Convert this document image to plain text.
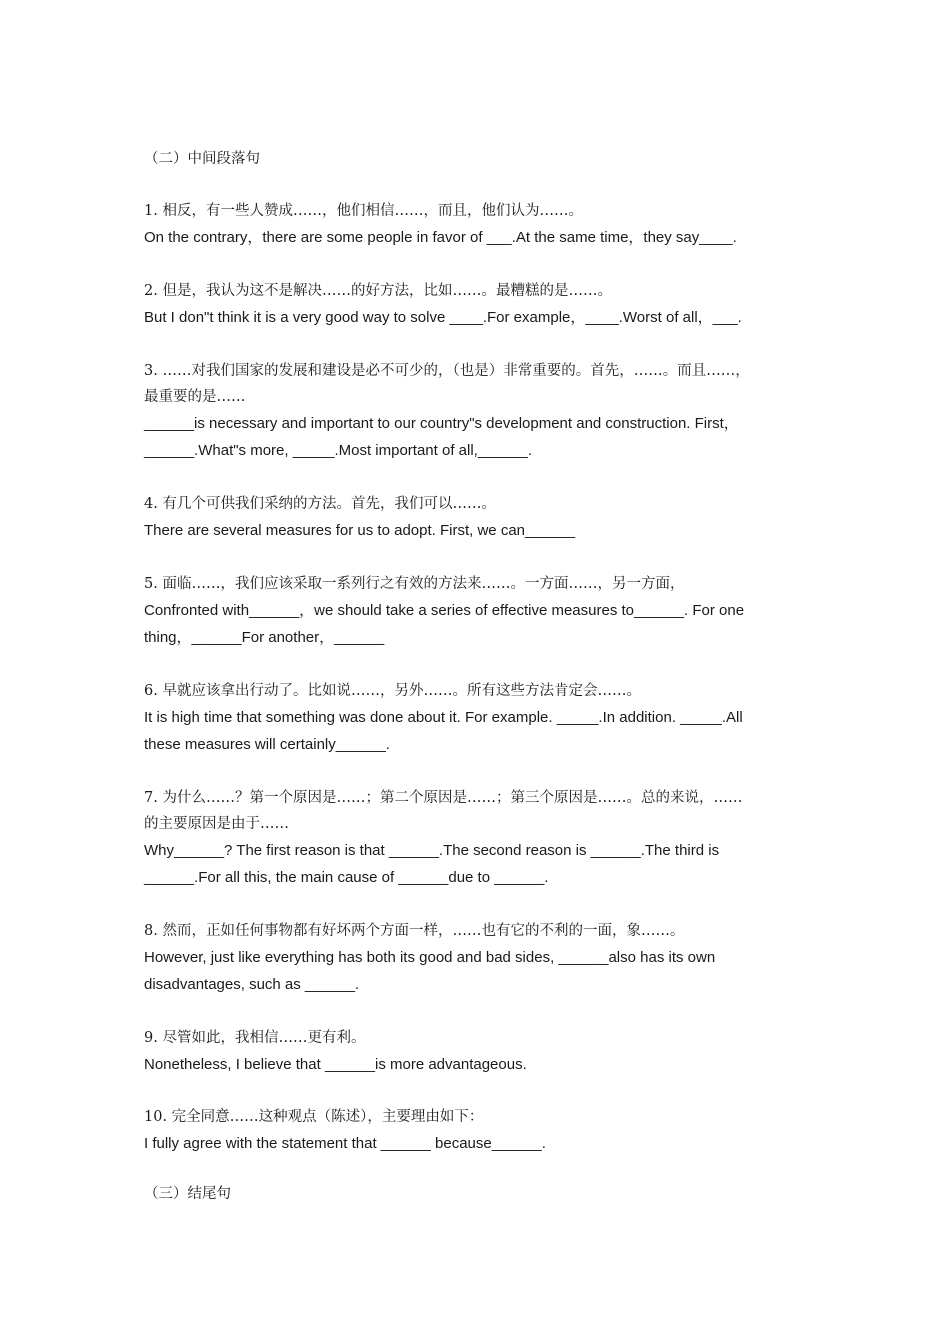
（二）中间段落句
1. 相反，有一些人赞成……，他们相信……，而且，他们认为……。
On the contrary，there are some people in favor of ___.At the same time，they say____.
2. 但是，我认为这不是解决……的好方法，比如……。最糟糕的是……。
But I don"t think it is a very good way to solve ____.For example，____.Worst of all，___.
3. ……对我们国家的发展和建设是必不可少的，（也是）非常重要的。首先，……。而且……，
最重要的是……
______is necessary and important to our country"s development and construction. First，
______.What"s more, _____.Most important of all,______.
4. 有几个可供我们采纳的方法。首先，我们可以……。
There are several measures for us to adopt. First, we can______
5. 面临……，我们应该采取一系列行之有效的方法来……。一方面……，另一方面，
Confronted with______，we should take a series of effective measures to______. For one
thing，______For another，______
6. 早就应该拿出行动了。比如说……，另外……。所有这些方法肯定会……。
It is high time that something was done about it. For example. _____.In addition. _____.All
these measures will certainly______.
7. 为什么……？第一个原因是……；第二个原因是……；第三个原因是……。总的来说，……
的主要原因是由于……
Why______? The first reason is that ______.The second reason is ______.The third is
______.For all this, the main cause of ______due to ______.
8. 然而，正如任何事物都有好坏两个方面一样，……也有它的不利的一面，象……。
However, just like everything has both its good and bad sides, ______also has its own
disadvantages, such as ______.
9. 尽管如此，我相信……更有利。
Nonetheless, I believe that ______is more advantageous.
10. 完全同意……这种观点（陈述），主要理由如下：
I fully agree with the statement that ______ because______.
（三）结尾句
